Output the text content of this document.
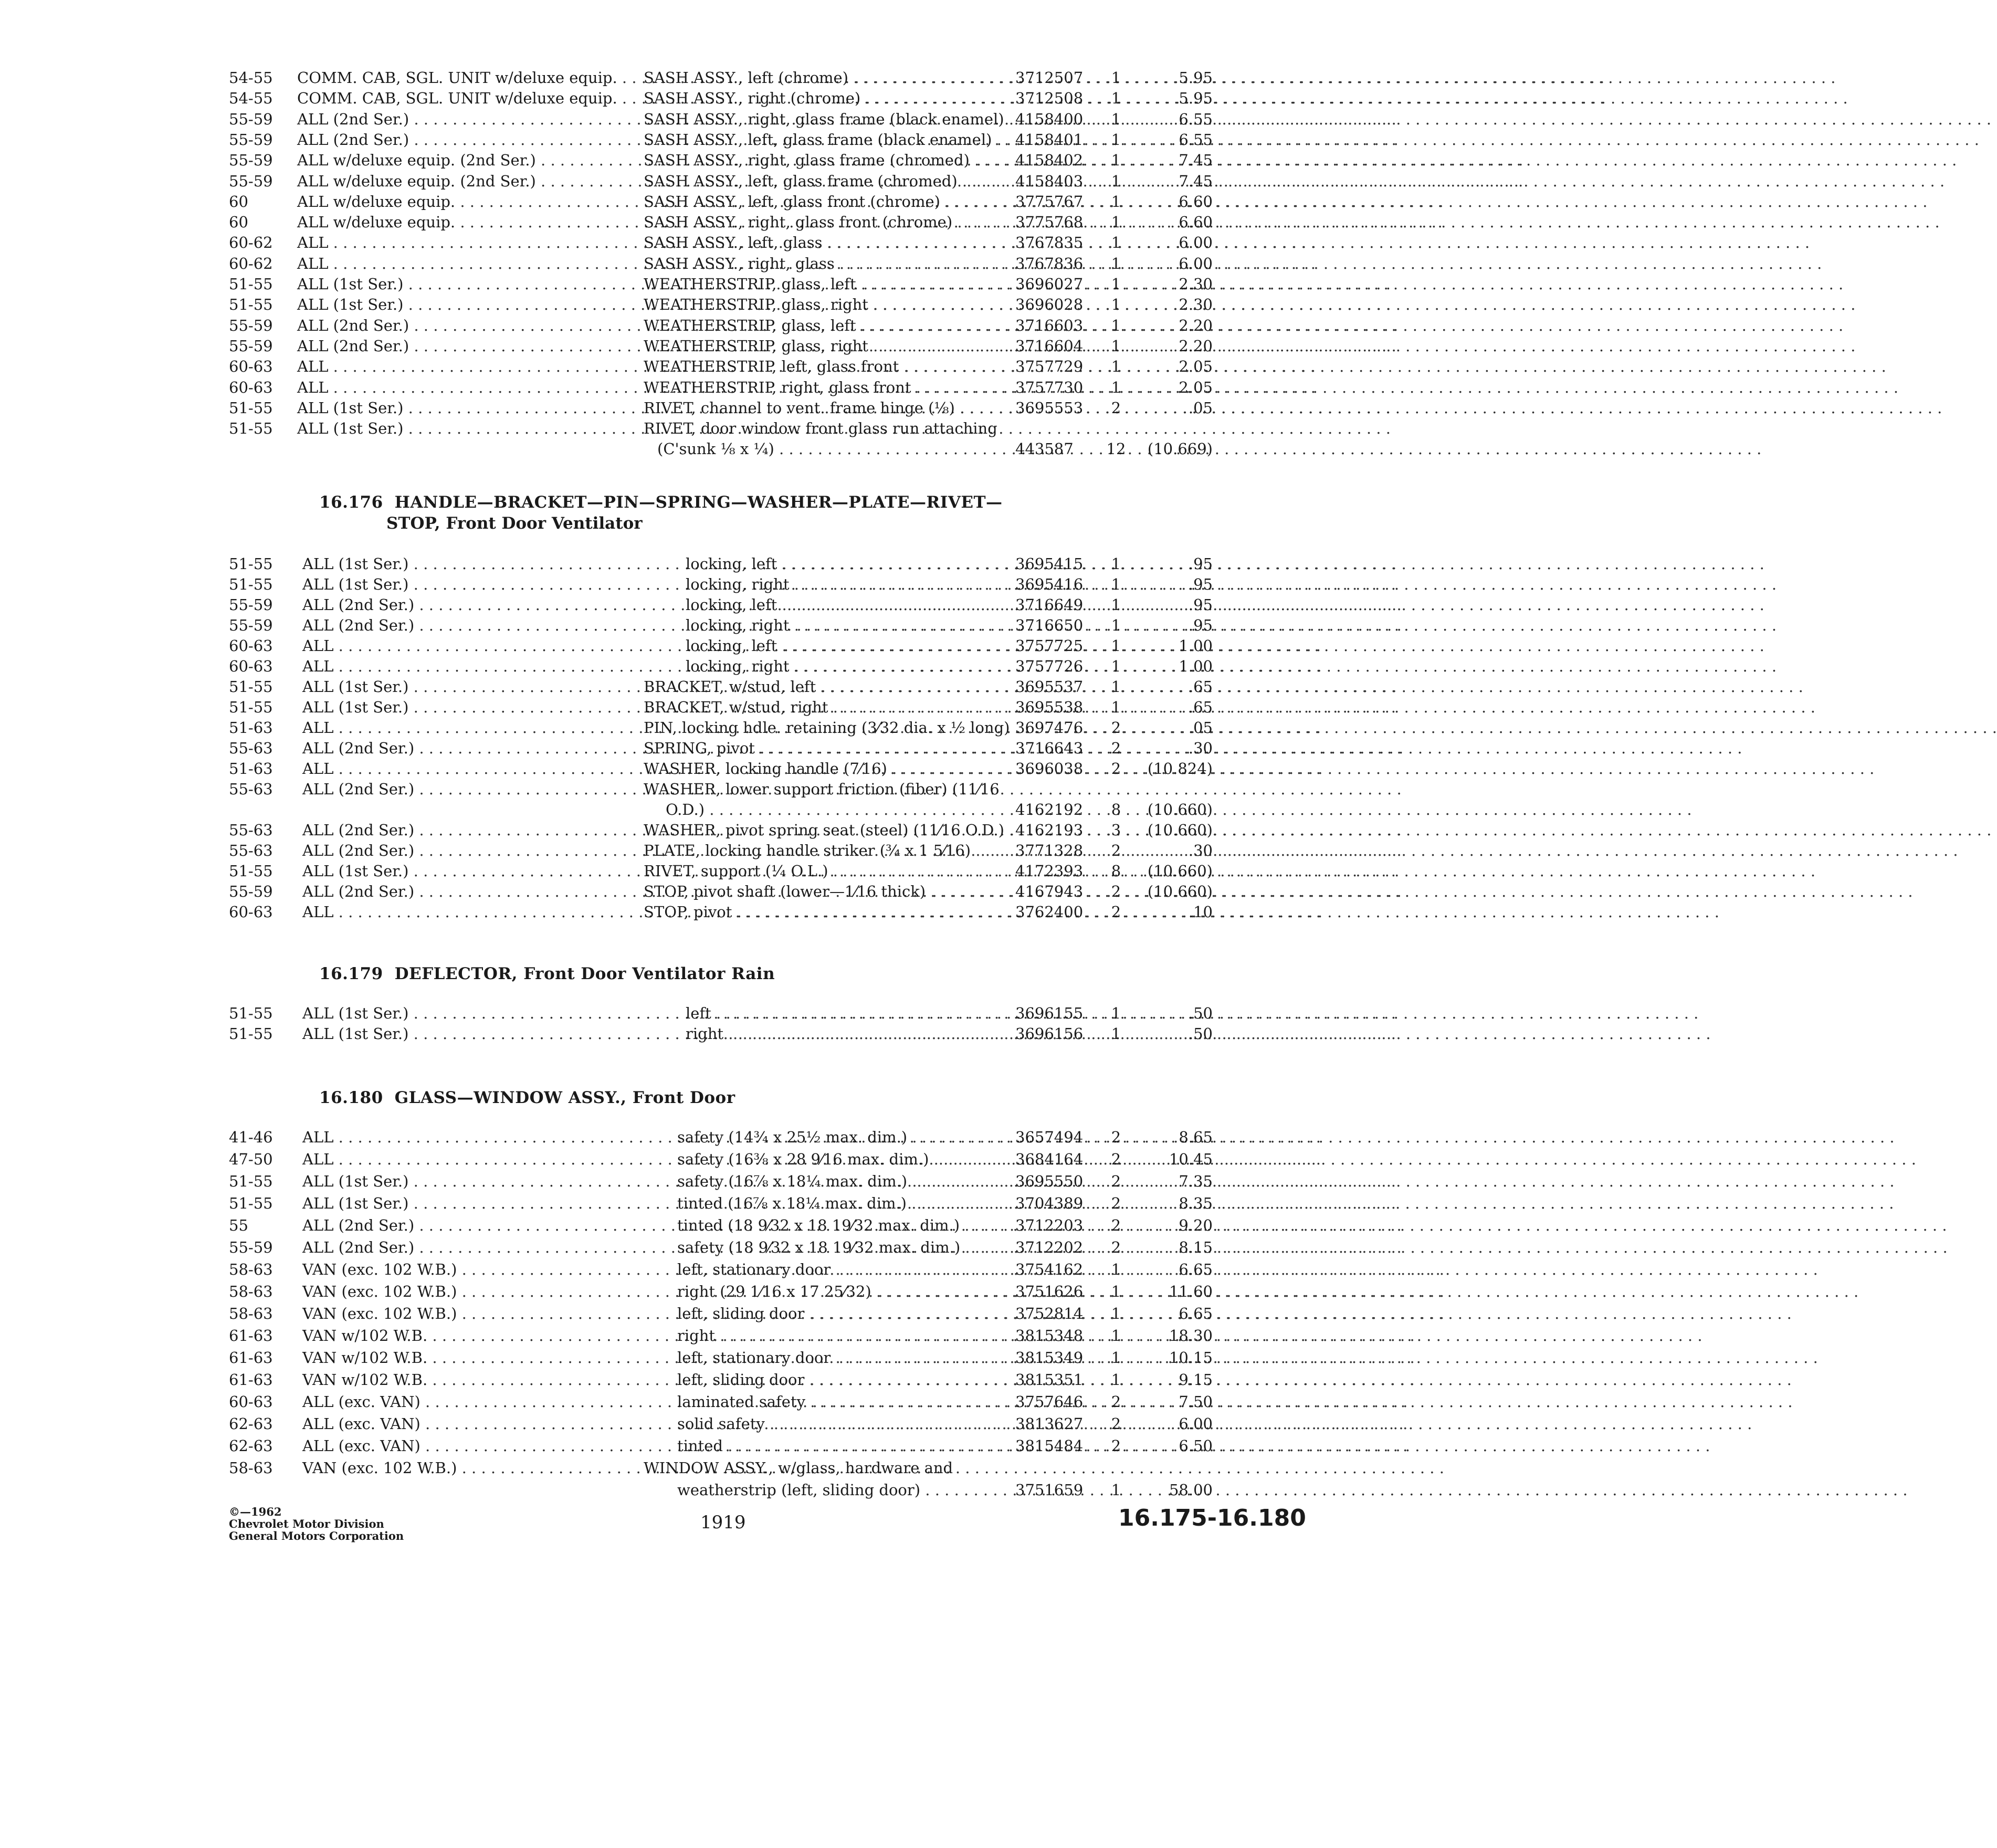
54-55	COMM. CAB, SGL. UNIT w/deluxe equip. . . .	SASH ASSY., left (chrome) . . .	3712507	1	5.95
54-55	COMM. CAB, SGL. UNIT w/deluxe equip. . . .	SASH ASSY., right (chrome) . . .	3712508	1	5.95
55-59	ALL (2nd Ser.) . . .	SASH ASSY., right, glass frame (black enamel) . . . 4158400	1	6.55
55-59	ALL (2nd Ser.) . . .	SASH ASSY., left, glass frame (black enamel) . . .	4158401	1	6.55
55-59	ALL w/deluxe equip. (2nd Ser.) . . .	SASH ASSY., right, glass frame (chromed) . . .	4158402	1	7.45
55-59	ALL w/deluxe equip. (2nd Ser.) . . .	SASH ASSY., left, glass frame (chromed) . . .	4158403	1	7.45
60	ALL w/deluxe equip. . . .	SASH ASSY., left, glass front (chrome) . . .	3775767	1	6.60
60	ALL w/deluxe equip. . . .	SASH ASSY., right, glass front (chrome) . . .	3775768	1	6.60
60-62	ALL . . .	SASH ASSY., left, glass . . .	3767835	1	6.00
60-62	ALL . . .	SASH ASSY., right, glass . . .	3767836	1	6.00
51-55	ALL (1st Ser.) . . .	WEATHERSTRIP, glass, left . . .	3696027	1	2.30
51-55	ALL (1st Ser.) . . .	WEATHERSTRIP, glass, right . . .	3696028	1	2.30
55-59	ALL (2nd Ser.) . . .	WEATHERSTRIP, glass, left . . .	3716603	1	2.20
55-59	ALL (2nd Ser.) . . .	WEATHERSTRIP, glass, right . . .	3716604	1	2.20
60-63	ALL . . .	WEATHERSTRIP, left, glass front . . .	3757729	1	2.05
60-63	ALL . . .	WEATHERSTRIP, right, glass front . . .	3757730	1	2.05
51-55	ALL (1st Ser.) . . .	RIVET, channel to vent. frame hinge (⅛) . . .	3695553	2	.05
51-55	ALL (1st Ser.) . . .	RIVET, door window front glass run attaching
(C'sunk ⅛ x ¼) . . .	443587	12	(10.669)
16.176 HANDLE—BRACKET—PIN—SPRING—WASHER—PLATE—RIVET—
STOP, Front Door Ventilator
51-55	ALL (1st Ser.) . . .	locking, left . . .	3695415	1	.95
51-55	ALL (1st Ser.) . . .	locking, right . . .	3695416	1	.95
55-59	ALL (2nd Ser.) . . .	locking, left . . .	3716649	1	.95
55-59	ALL (2nd Ser.) . . .	locking, right . . .	3716650	1	.95
60-63	ALL . . .	locking, left . . .	3757725	1	1.00
60-63	ALL . . .	locking, right . . .	3757726	1	1.00
51-55	ALL (1st Ser.) . . .	BRACKET, w/stud, left . . .	3695537	1	.65
51-55	ALL (1st Ser.) . . .	BRACKET, w/stud, right . . .	3695538	1	.65
51-63	ALL . . .	PIN, locking hdle. retaining (3⁄32 dia. x ½ long) . . . 3697476	2	.05
55-63	ALL (2nd Ser.) . . .	SPRING, pivot . . .	3716643	2	.30
51-63	ALL . . .	WASHER, locking handle (7⁄16) . . .	3696038	2	(10.824)
55-63	ALL (2nd Ser.) . . .	WASHER, lower support friction (fiber) (11⁄16
O.D.) . . .	4162192	8	(10.660)
55-63	ALL (2nd Ser.) . . .	WASHER, pivot spring seat (steel) (11⁄16 O.D.) . . . 4162193	3	(10.660)
55-63	ALL (2nd Ser.) . . .	PLATE, locking handle striker (¾ x 1 5⁄16) . . .	3771328	2	.30
51-55	ALL (1st Ser.) . . .	RIVET, support (¼ O.L.) . . .	4172393	8	(10.660)
55-59	ALL (2nd Ser.) . . .	STOP, pivot shaft (lower—1⁄16 thick) . . .	4167943	2	(10.660)
60-63	ALL . . .	STOP, pivot . . .	3762400	2	.10
16.179 DEFLECTOR, Front Door Ventilator Rain
51-55	ALL (1st Ser.) . . .	left . . .	3696155	1	.50
51-55	ALL (1st Ser.) . . .	right . . .	3696156	1	.50
16.180 GLASS—WINDOW ASSY., Front Door
41-46	ALL . . .	safety (14¾ x 25½ max. dim.) . . .	3657494	2	8.65
47-50	ALL . . .	safety (16⅜ x 28 9⁄16 max. dim.) . . .	3684164	2	10.45
51-55	ALL (1st Ser.) . . .	safety (16⅞ x 18¼ max. dim.) . . .	3695550	2	7.35
51-55	ALL (1st Ser.) . . .	tinted (16⅞ x 18¼ max. dim.) . . .	3704389	2	8.35
55	ALL (2nd Ser.) . . .	tinted (18 9⁄32 x 18 19⁄32 max. dim.) . . .	3712203	2	9.20
55-59	ALL (2nd Ser.) . . .	safety (18 9⁄32 x 18 19⁄32 max. dim.) . . .	3712202	2	8.15
58-63	VAN (exc. 102 W.B.) . . .	left, stationary door . . .	3754162	1	6.65
58-63	VAN (exc. 102 W.B.) . . .	right (29 1⁄16 x 17 25⁄32) . . .	3751626	1	11.60
58-63	VAN (exc. 102 W.B.) . . .	left, sliding door . . .	3752814	1	6.65
61-63	VAN w/102 W.B. . . .	right . . .	3815348	1	18.30
61-63	VAN w/102 W.B. . . .	left, stationary door . . .	3815349	1	10.15
61-63	VAN w/102 W.B. . . .	left, sliding door . . .	3815351	1	9.15
60-63	ALL (exc. VAN) . . .	laminated safety . . .	3757646	2	7.50
62-63	ALL (exc. VAN) . . .	solid safety . . .	3813627	2	6.00
62-63	ALL (exc. VAN) . . .	tinted . . .	3815484	2	6.50
58-63	VAN (exc. 102 W.B.) . . .	WINDOW ASSY., w/glass, hardware and
weatherstrip (left, sliding door) . . .	3751659	1	58.00
©—1962
Chevrolet Motor Division
General Motors Corporation
1919	16.175-16.180
